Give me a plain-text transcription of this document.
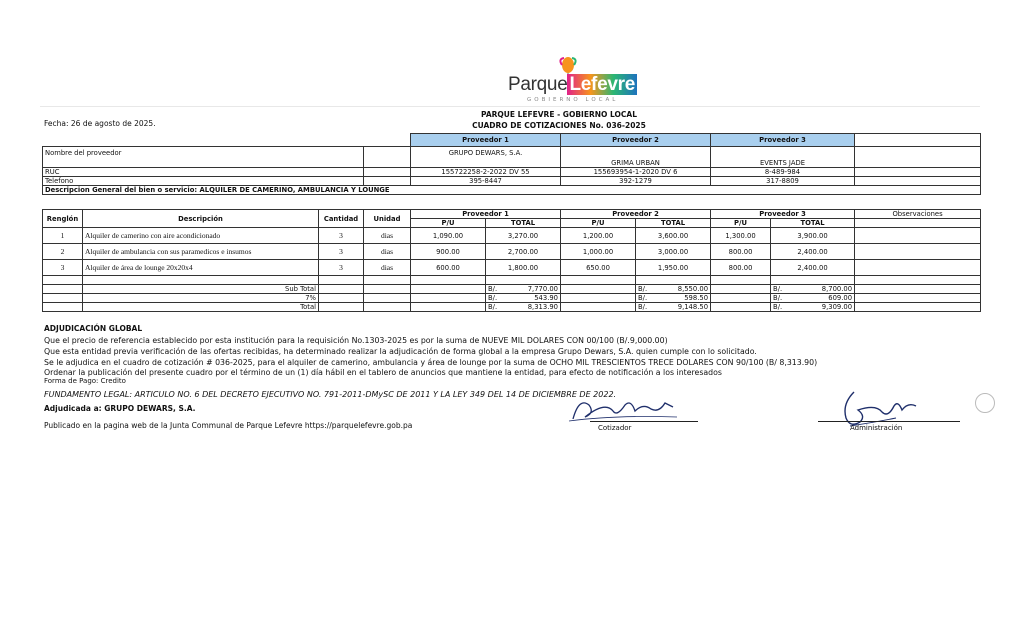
Parque Lefevre
GOBIERNO LOCAL
PARQUE LEFEVRE - GOBIERNO LOCAL
CUADRO DE COTIZACIONES No. 036-2025
Fecha: 26 de agosto de 2025.
		Proveedor 1	Proveedor 2	Proveedor 3	
Nombre del proveedor		GRUPO DEWARS, S.A.	GRIMA URBAN	EVENTS JADE	
RUC		155722258-2-2022 DV 55	155693954-1-2020 DV 6	8-489-984	
Telefono		395-8447	392-1279	317-8809	
Descripcion General del bien o servicio: ALQUILER DE CAMERINO, AMBULANCIA Y LOUNGE					
Renglón	Descripción	Cantidad	Unidad	Proveedor 1		Proveedor 2		Proveedor 3		Observaciones
				P/U	TOTAL	P/U	TOTAL	P/U	TOTAL	
1	Alquiler de camerino con aire acondicionado	3	dias	1,090.00	3,270.00	1,200.00	3,600.00	1,300.00	3,900.00	
2	Alquiler de ambulancia con sus paramedicos e insumos	3	dias	900.00	2,700.00	1,000.00	3,000.00	800.00	2,400.00	
3	Alquiler de área de lounge 20x20x4	3	dias	600.00	1,800.00	650.00	1,950.00	800.00	2,400.00	

	Sub Total				B/. 7,770.00		B/. 8,550.00		B/. 8,700.00	

	7%				B/. 543.90		B/. 598.50		B/. 609.00	

	Total				B/. 8,313.90		B/. 9,148.50		B/. 9,309.00	

ADJUDICACIÓN GLOBAL
Que el precio de referencia establecido por esta institución para la requisición No.1303-2025 es por la suma de NUEVE MIL DOLARES CON 00/100 (B/.9,000.00)
Que esta entidad previa verificación de las ofertas recibidas, ha determinado realizar la adjudicación de forma global a la empresa Grupo Dewars, S.A. quien cumple con lo solicitado.
Se le adjudica en el cuadro de cotización # 036-2025, para el alquiler de camerino, ambulancia y área de lounge por la suma de OCHO MIL TRESCIENTOS TRECE DOLARES CON 90/100 (B/ 8,313.90)
Ordenar la publicación del presente cuadro por el término de un (1) día hábil en el tablero de anuncios que mantiene la entidad, para efecto de notificación a los interesados
Forma de Pago: Credito
FUNDAMENTO LEGAL: ARTICULO NO. 6 DEL DECRETO EJECUTIVO NO. 791-2011-DMySC DE 2011 Y LA LEY 349 DEL 14 DE DICIEMBRE DE 2022.
Adjudicada a: GRUPO DEWARS, S.A.
Publicado en la pagina web de la Junta Communal de Parque Lefevre https://parquelefevre.gob.pa	Cotizador	Administración
